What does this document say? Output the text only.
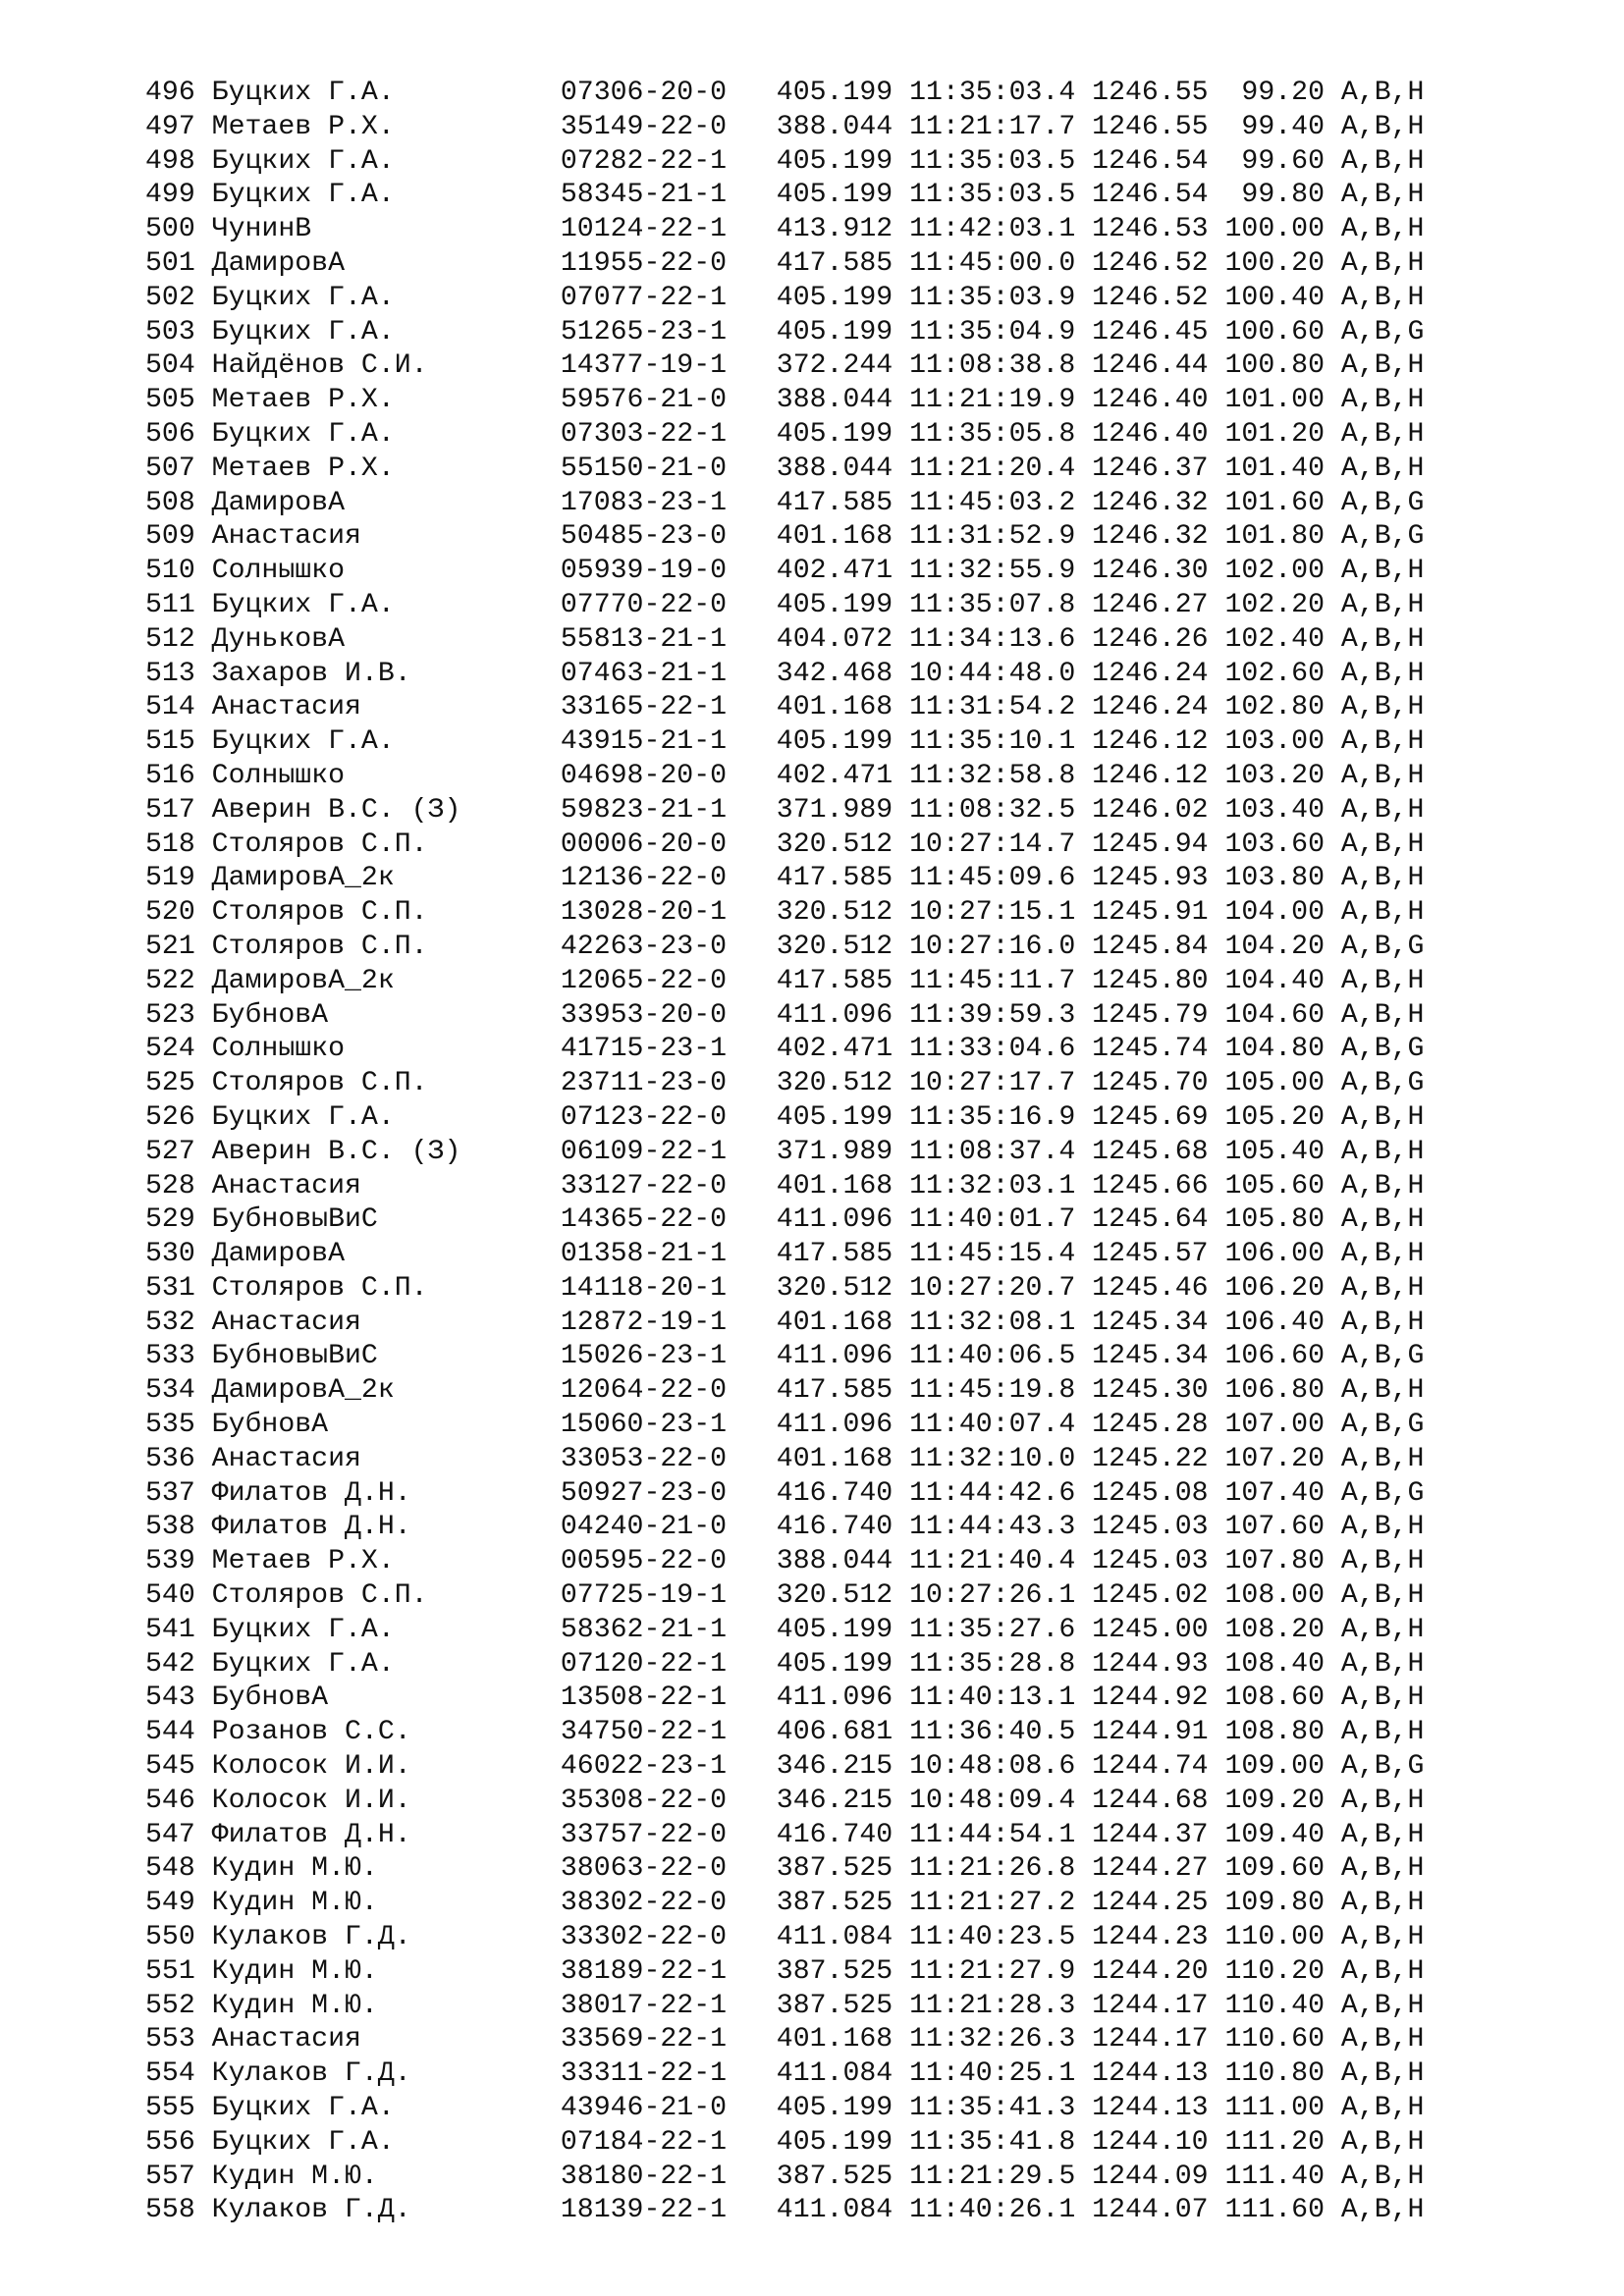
496 Буцких Г.А.          07306-20-0   405.199 11:35:03.4 1246.55  99.20 A,B,H
497 Метаев Р.Х.          35149-22-0   388.044 11:21:17.7 1246.55  99.40 A,B,H
498 Буцких Г.А.          07282-22-1   405.199 11:35:03.5 1246.54  99.60 A,B,H
499 Буцких Г.А.          58345-21-1   405.199 11:35:03.5 1246.54  99.80 A,B,H
500 ЧунинВ               10124-22-1   413.912 11:42:03.1 1246.53 100.00 A,B,H
501 ДамировА             11955-22-0   417.585 11:45:00.0 1246.52 100.20 A,B,H
502 Буцких Г.А.          07077-22-1   405.199 11:35:03.9 1246.52 100.40 A,B,H
503 Буцких Г.А.          51265-23-1   405.199 11:35:04.9 1246.45 100.60 A,B,G
504 Найдёнов С.И.        14377-19-1   372.244 11:08:38.8 1246.44 100.80 A,B,H
505 Метаев Р.Х.          59576-21-0   388.044 11:21:19.9 1246.40 101.00 A,B,H
506 Буцких Г.А.          07303-22-1   405.199 11:35:05.8 1246.40 101.20 A,B,H
507 Метаев Р.Х.          55150-21-0   388.044 11:21:20.4 1246.37 101.40 A,B,H
508 ДамировА             17083-23-1   417.585 11:45:03.2 1246.32 101.60 A,B,G
509 Анастасия            50485-23-0   401.168 11:31:52.9 1246.32 101.80 A,B,G
510 Солнышко             05939-19-0   402.471 11:32:55.9 1246.30 102.00 A,B,H
511 Буцких Г.А.          07770-22-0   405.199 11:35:07.8 1246.27 102.20 A,B,H
512 ДуньковА             55813-21-1   404.072 11:34:13.6 1246.26 102.40 A,B,H
513 Захаров И.В.         07463-21-1   342.468 10:44:48.0 1246.24 102.60 A,B,H
514 Анастасия            33165-22-1   401.168 11:31:54.2 1246.24 102.80 A,B,H
515 Буцких Г.А.          43915-21-1   405.199 11:35:10.1 1246.12 103.00 A,B,H
516 Солнышко             04698-20-0   402.471 11:32:58.8 1246.12 103.20 A,B,H
517 Аверин В.С. (З)      59823-21-1   371.989 11:08:32.5 1246.02 103.40 A,B,H
518 Столяров С.П.        00006-20-0   320.512 10:27:14.7 1245.94 103.60 A,B,H
519 ДамировА_2к          12136-22-0   417.585 11:45:09.6 1245.93 103.80 A,B,H
520 Столяров С.П.        13028-20-1   320.512 10:27:15.1 1245.91 104.00 A,B,H
521 Столяров С.П.        42263-23-0   320.512 10:27:16.0 1245.84 104.20 A,B,G
522 ДамировА_2к          12065-22-0   417.585 11:45:11.7 1245.80 104.40 A,B,H
523 БубновА              33953-20-0   411.096 11:39:59.3 1245.79 104.60 A,B,H
524 Солнышко             41715-23-1   402.471 11:33:04.6 1245.74 104.80 A,B,G
525 Столяров С.П.        23711-23-0   320.512 10:27:17.7 1245.70 105.00 A,B,G
526 Буцких Г.А.          07123-22-0   405.199 11:35:16.9 1245.69 105.20 A,B,H
527 Аверин В.С. (З)      06109-22-1   371.989 11:08:37.4 1245.68 105.40 A,B,H
528 Анастасия            33127-22-0   401.168 11:32:03.1 1245.66 105.60 A,B,H
529 БубновыВиС           14365-22-0   411.096 11:40:01.7 1245.64 105.80 A,B,H
530 ДамировА             01358-21-1   417.585 11:45:15.4 1245.57 106.00 A,B,H
531 Столяров С.П.        14118-20-1   320.512 10:27:20.7 1245.46 106.20 A,B,H
532 Анастасия            12872-19-1   401.168 11:32:08.1 1245.34 106.40 A,B,H
533 БубновыВиС           15026-23-1   411.096 11:40:06.5 1245.34 106.60 A,B,G
534 ДамировА_2к          12064-22-0   417.585 11:45:19.8 1245.30 106.80 A,B,H
535 БубновА              15060-23-1   411.096 11:40:07.4 1245.28 107.00 A,B,G
536 Анастасия            33053-22-0   401.168 11:32:10.0 1245.22 107.20 A,B,H
537 Филатов Д.Н.         50927-23-0   416.740 11:44:42.6 1245.08 107.40 A,B,G
538 Филатов Д.Н.         04240-21-0   416.740 11:44:43.3 1245.03 107.60 A,B,H
539 Метаев Р.Х.          00595-22-0   388.044 11:21:40.4 1245.03 107.80 A,B,H
540 Столяров С.П.        07725-19-1   320.512 10:27:26.1 1245.02 108.00 A,B,H
541 Буцких Г.А.          58362-21-1   405.199 11:35:27.6 1245.00 108.20 A,B,H
542 Буцких Г.А.          07120-22-1   405.199 11:35:28.8 1244.93 108.40 A,B,H
543 БубновА              13508-22-1   411.096 11:40:13.1 1244.92 108.60 A,B,H
544 Розанов С.С.         34750-22-1   406.681 11:36:40.5 1244.91 108.80 A,B,H
545 Колосок И.И.         46022-23-1   346.215 10:48:08.6 1244.74 109.00 A,B,G
546 Колосок И.И.         35308-22-0   346.215 10:48:09.4 1244.68 109.20 A,B,H
547 Филатов Д.Н.         33757-22-0   416.740 11:44:54.1 1244.37 109.40 A,B,H
548 Кудин М.Ю.           38063-22-0   387.525 11:21:26.8 1244.27 109.60 A,B,H
549 Кудин М.Ю.           38302-22-0   387.525 11:21:27.2 1244.25 109.80 A,B,H
550 Кулаков Г.Д.         33302-22-0   411.084 11:40:23.5 1244.23 110.00 A,B,H
551 Кудин М.Ю.           38189-22-1   387.525 11:21:27.9 1244.20 110.20 A,B,H
552 Кудин М.Ю.           38017-22-1   387.525 11:21:28.3 1244.17 110.40 A,B,H
553 Анастасия            33569-22-1   401.168 11:32:26.3 1244.17 110.60 A,B,H
554 Кулаков Г.Д.         33311-22-1   411.084 11:40:25.1 1244.13 110.80 A,B,H
555 Буцких Г.А.          43946-21-0   405.199 11:35:41.3 1244.13 111.00 A,B,H
556 Буцких Г.А.          07184-22-1   405.199 11:35:41.8 1244.10 111.20 A,B,H
557 Кудин М.Ю.           38180-22-1   387.525 11:21:29.5 1244.09 111.40 A,B,H
558 Кулаков Г.Д.         18139-22-1   411.084 11:40:26.1 1244.07 111.60 A,B,H
